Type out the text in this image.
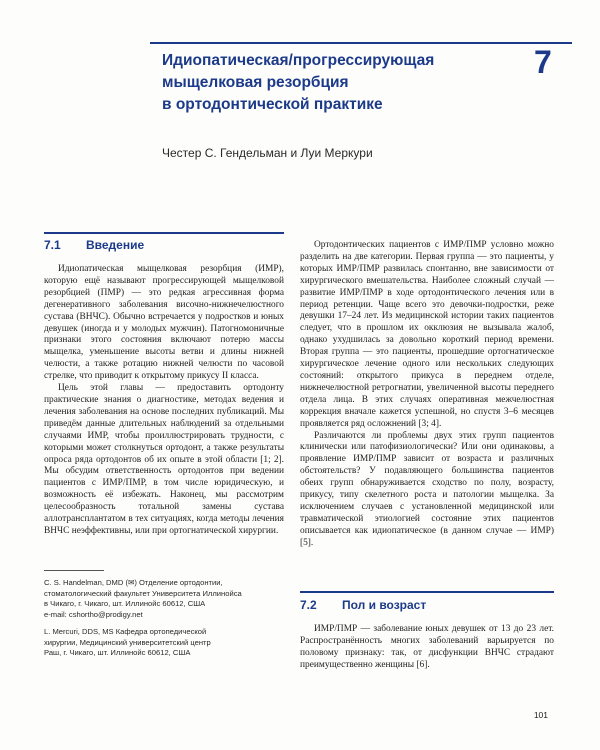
7
Идиопатическая/прогрессирующая
мыщелковая резорбция
в ортодонтической практике
Честер С. Гендельман и Луи Меркури
7.1 Введение

Идиопатическая мыщелковая резорбция (ИМР), которую ещё называют прогрессирующей мыщелковой резорбцией (ПМР) — это редкая агрессивная форма дегенеративного заболевания височно-нижнечелюстного сустава (ВНЧС). Обычно встречается у подростков и юных девушек (иногда и у молодых мужчин). Патогномоничные признаки этого состояния включают потерю массы мыщелка, уменьшение высоты ветви и длины нижней челюсти, а также ротацию нижней челюсти по часовой стрелке, что приводит к открытому прикусу II класса.

Цель этой главы — предоставить ортодонту практические знания о диагностике, методах ведения и лечения заболевания на основе последних публикаций. Мы приведём данные длительных наблюдений за отдельными случаями ИМР, чтобы проиллюстрировать трудности, с которыми может столкнуться ортодонт, а также результаты опроса ряда ортодонтов об их опыте в этой области [1; 2]. Мы обсудим ответственность ортодонтов при ведении пациентов с ИМР/ПМР, в том числе юридическую, и возможность её избежать. Наконец, мы рассмотрим целесообразность тотальной замены сустава аллотрансплантатом в тех ситуациях, когда методы лечения ВНЧС неэффективны, или при ортогнатической хирургии.

C. S. Handelman, DMD (✉) Отделение ортодонтии,
стоматологический факультет Университета Иллинойса
в Чикаго, г. Чикаго, шт. Иллинойс 60612, США
e-mail: cshortho@prodigy.net
L. Mercuri, DDS, MS Кафедра ортопедической
хирургии, Медицинский университетский центр
Раш, г. Чикаго, шт. Иллинойс 60612, США

Ортодонтических пациентов с ИМР/ПМР условно можно разделить на две категории. Первая группа — это пациенты, у которых ИМР/ПМР развилась спонтанно, вне зависимости от хирургического вмешательства. Наиболее сложный случай — развитие ИМР/ПМР в ходе ортодонтического лечения или в период ретенции. Чаще всего это девочки-подростки, реже девушки 17–24 лет. Из медицинской истории таких пациентов следует, что в прошлом их окклюзия не вызывала жалоб, однако ухудшилась за довольно короткий период времени. Вторая группа — это пациенты, прошедшие ортогнатическое хирургическое лечение одного или нескольких следующих состояний: открытого прикуса в переднем отделе, нижнечелюстной ретрогнатии, увеличенной высоты переднего отдела лица. В этих случаях оперативная межчелюстная коррекция вначале кажется успешной, но спустя 3–6 месяцев проявляется ряд осложнений [3; 4].

Различаются ли проблемы двух этих групп пациентов клинически или патофизиологически? Или они одинаковы, а проявление ИМР/ПМР зависит от возраста и различных обстоятельств? У подавляющего большинства пациентов обеих групп обнаруживается сходство по полу, возрасту, прикусу, типу скелетного роста и патологии мыщелка. За исключением случаев с установленной медицинской или травматической этиологией состояние этих пациентов описывается как идиопатическое (в данном случае — ИМР) [5].

7.2 Пол и возраст

ИМР/ПМР — заболевание юных девушек от 13 до 23 лет. Распространённость многих заболеваний варьируется по половому признаку: так, от дисфункции ВНЧС страдают преимущественно женщины [6].

101
